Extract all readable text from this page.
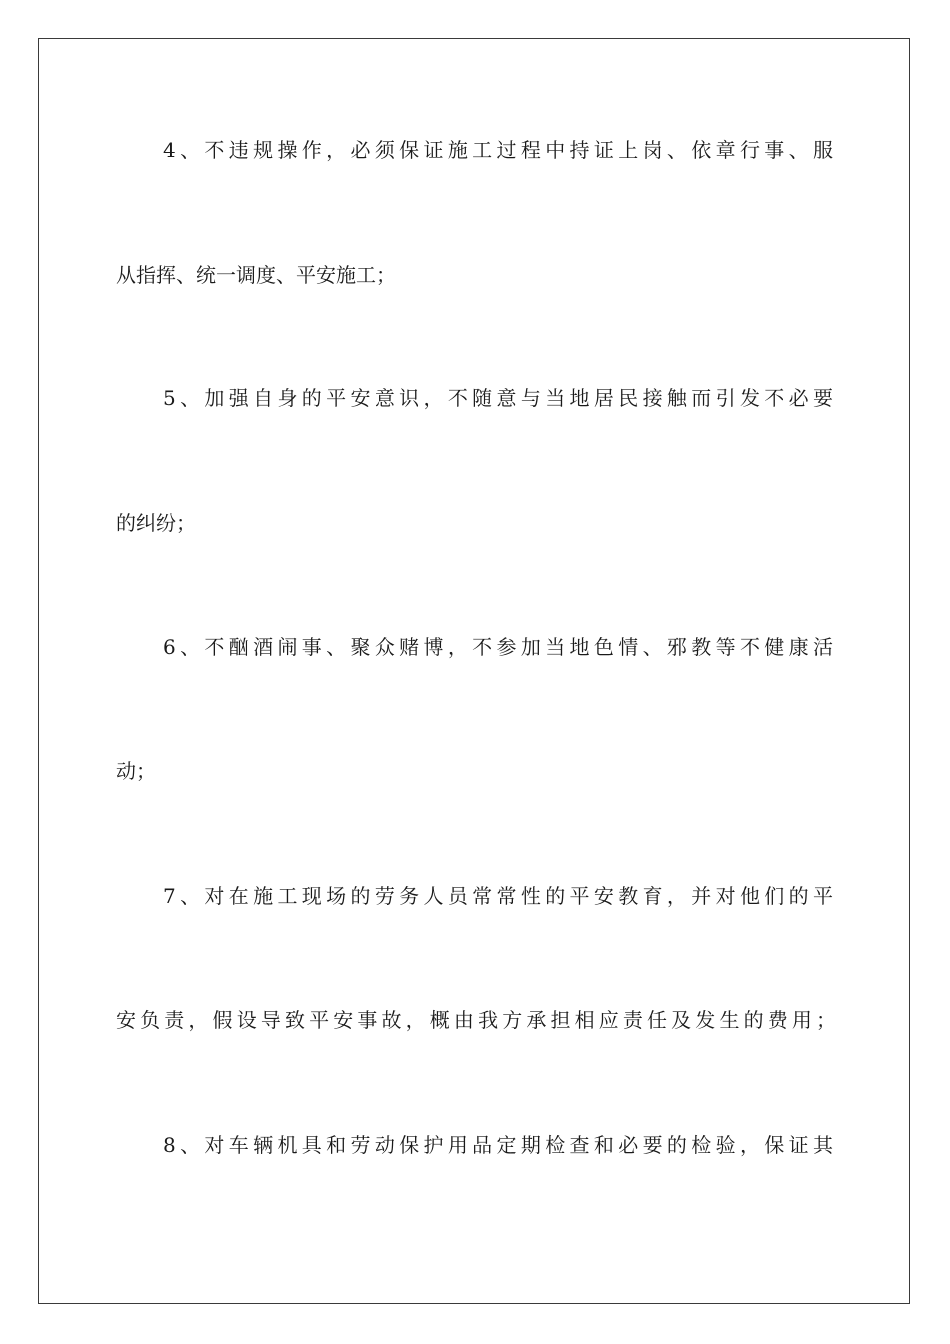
4、不违规操作，必须保证施工过程中持证上岗、依章行事、服
从指挥、统一调度、平安施工；
5、加强自身的平安意识，不随意与当地居民接触而引发不必要
的纠纷；
6、不酗酒闹事、聚众赌博，不参加当地色情、邪教等不健康活
动；
7、对在施工现场的劳务人员常常性的平安教育，并对他们的平
安负责，假设导致平安事故，概由我方承担相应责任及发生的费用；
8、对车辆机具和劳动保护用品定期检查和必要的检验，保证其
